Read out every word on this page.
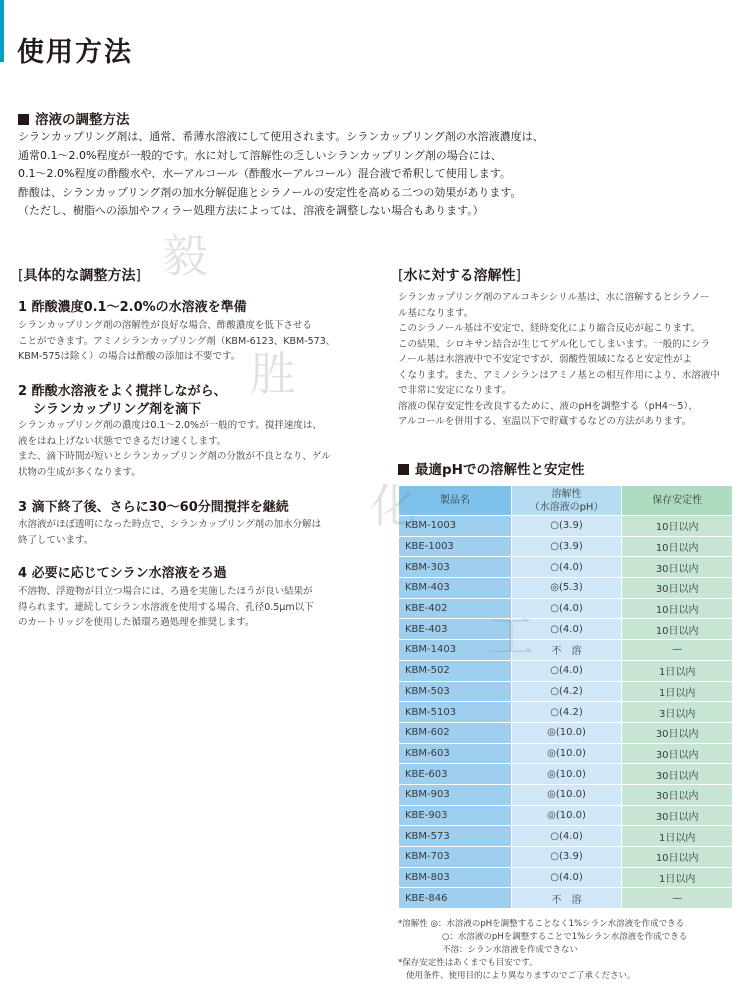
使用方法
溶液の調整方法

シランカップリング剤は、通常、希薄水溶液にして使用されます。シランカップリング剤の水溶液濃度は、

通常0.1～2.0%程度が一般的です。水に対して溶解性の乏しいシランカップリング剤の場合には、

0.1～2.0%程度の酢酸水や、水ーアルコール（酢酸水ーアルコール）混合液で希釈して使用します。

酢酸は、シランカップリング剤の加水分解促進とシラノールの安定性を高める二つの効果があります。

（ただし、樹脂への添加やフィラー処理方法によっては、溶液を調整しない場合もあります。）

[具体的な調整方法]
1 酢酸濃度0.1～2.0%の水溶液を準備

シランカップリング剤の溶解性が良好な場合、酢酸濃度を低下させる

ことができます。アミノシランカップリング剤（KBM-6123、KBM-573、

KBM-575は除く）の場合は酢酸の添加は不要です。

2 酢酸水溶液をよく撹拌しながら、
シランカップリング剤を滴下

シランカップリング剤の濃度は0.1～2.0%が一般的です。撹拌速度は、

液をはね上げない状態でできるだけ速くします。

また、滴下時間が短いとシランカップリング剤の分散が不良となり、ゲル

状物の生成が多くなります。

3 滴下終了後、さらに30～60分間撹拌を継続

水溶液がほぼ透明になった時点で、シランカップリング剤の加水分解は

終了しています。

4 必要に応じてシラン水溶液をろ過

不溶物、浮遊物が目立つ場合には、ろ過を実施したほうが良い結果が

得られます。連続してシラン水溶液を使用する場合、孔径0.5μm以下

のカートリッジを使用した循環ろ過処理を推奨します。

[水に対する溶解性]

シランカップリング剤のアルコキシシリル基は、水に溶解するとシラノー

ル基になります。

このシラノール基は不安定で、経時変化により縮合反応が起こります。

この結果、シロキサン結合が生じてゲル化してしまいます。一般的にシラ

ノール基は水溶液中で不安定ですが、弱酸性領域になると安定性がよ

くなります。また、アミノシランはアミノ基との相互作用により、水溶液中

で非常に安定になります。

溶液の保存安定性を改良するために、液のpHを調整する（pH4～5）、

アルコールを併用する、室温以下で貯蔵するなどの方法があります。

最適pHでの溶解性と安定性
製品名	溶解性
（水溶液のpH）	保存安定性
KBM-1003	○(3.9)	10日以内
KBE-1003	○(3.9)	10日以内
KBM-303	○(4.0)	30日以内
KBM-403	◎(5.3)	30日以内
KBE-402	○(4.0)	10日以内
KBE-403	○(4.0)	10日以内
KBM-1403	不　溶	—
KBM-502	○(4.0)	1日以内
KBM-503	○(4.2)	1日以内
KBM-5103	○(4.2)	3日以内
KBM-602	◎(10.0)	30日以内
KBM-603	◎(10.0)	30日以内
KBE-603	◎(10.0)	30日以内
KBM-903	◎(10.0)	30日以内
KBE-903	◎(10.0)	30日以内
KBM-573	○(4.0)	1日以内
KBM-703	○(3.9)	10日以内
KBM-803	○(4.0)	1日以内
KBE-846	不　溶	—

*溶解性 ◎：水溶液のpHを調整することなく1%シラン水溶液を作成できる

○：水溶液のpHを調整することで1%シラン水溶液を作成できる

不溶：シラン水溶液を作成できない

*保存安定性はあくまでも目安です。

使用条件、使用目的により異なりますのでご了承ください。

毅
胜
化
工
